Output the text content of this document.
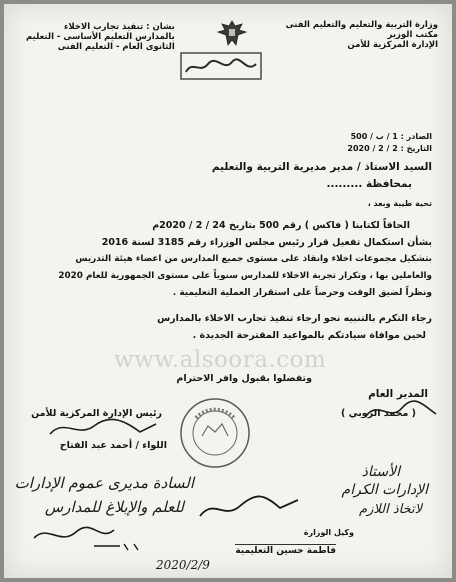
وزارة التربية والتعليم والتعليم الفنى
مكتب الوزير
الإدارة المركزية للأمن
بشان : تنفيذ تجارب الاخلاء
بالمدارس التعليم الأساسى - التعليم
الثانوى العام - التعليم الفنى
الصادر : 1 / ب / 500
التاريخ : 2 / 2 / 2020
السيد الاستاذ / مدير مديرية التربية والتعليم
بمحافظة .........
تحية طيبة وبعد ،
الحاقاً لكتابنا ( فاكس ) رقم 500 بتاريخ 24 / 2 / 2020م
بشأن استكمال تفعيل قرار رئيس مجلس الوزراء رقم 3185 لسنة 2016
بتشكيل مجموعات اخلاء وانقاذ على مستوى جميع المدارس من اعضاء هيئة التدريس
والعاملين بها ، وتكرار تجربة الاخلاء للمدارس سنوياً على مستوى الجمهورية للعام 2020
ونظراً لضيق الوقت وحرصاً على استقرار العملية التعليمية .
رجاء التكرم بالتنبيه نحو ارجاء تنفيذ تجارب الاخلاء بالمدارس
لحين موافاة سيادتكم بالمواعيد المقترحة الجديدة .
www.alsoora.com
وتفضلوا بقبول وافر الاحترام
المدير العام
( محمد الروبي )
رئيس الإدارة المركزية للأمن
اللواء / أحمد عبد الفتاح
الأستاذ
الإدارات الكرام
لاتخاذ اللازم
السادة مديرى عموم الإدارات
للعلم والإبلاغ للمدارس
وكيل الوزارة
فاطمة حسين التعليمية
2020/2/9
